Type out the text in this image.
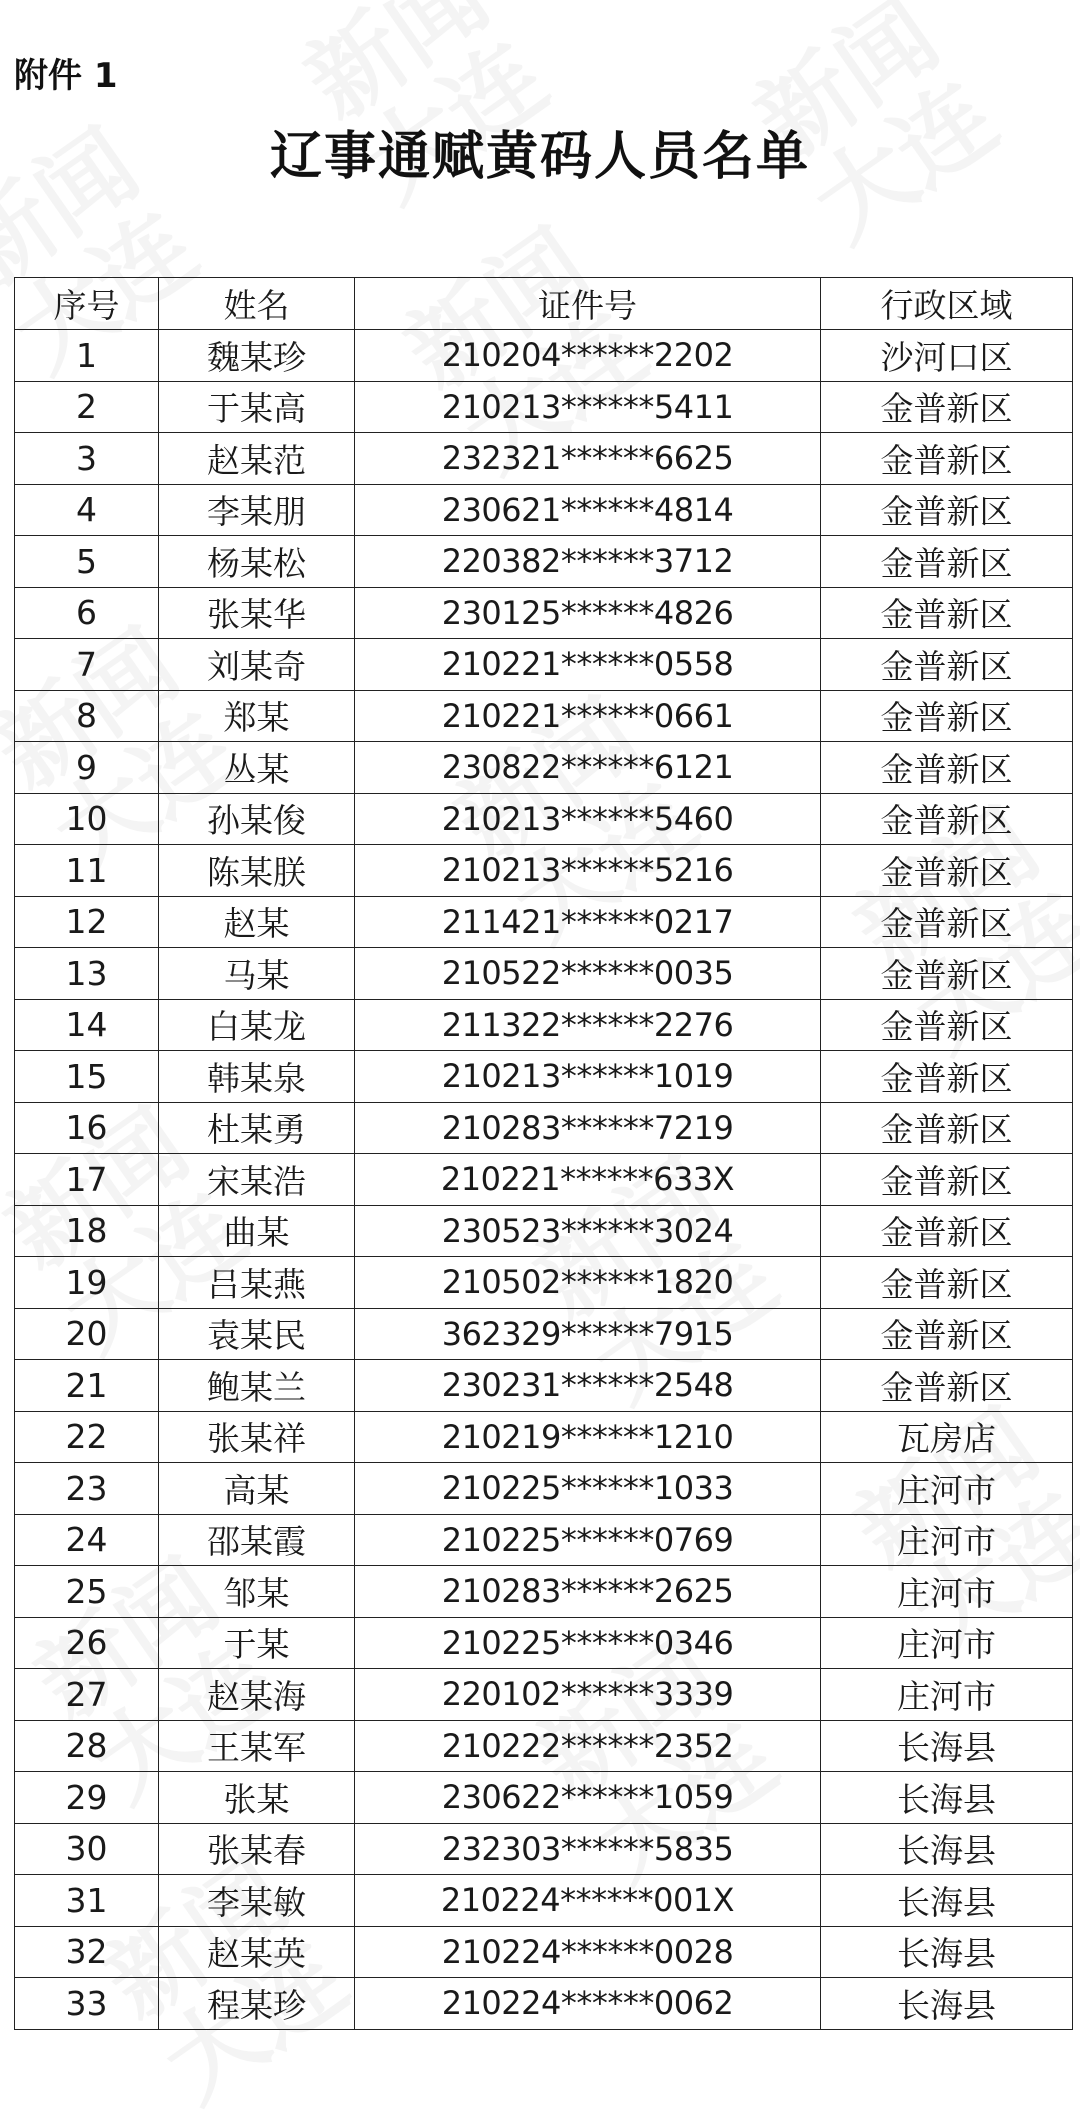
附件 1
辽事通赋黄码人员名单
序号	姓名	证件号	行政区域
1	魏某珍	210204******2202	沙河口区
2	于某高	210213******5411	金普新区
3	赵某范	232321******6625	金普新区
4	李某朋	230621******4814	金普新区
5	杨某松	220382******3712	金普新区
6	张某华	230125******4826	金普新区
7	刘某奇	210221******0558	金普新区
8	郑某	210221******0661	金普新区
9	丛某	230822******6121	金普新区
10	孙某俊	210213******5460	金普新区
11	陈某朕	210213******5216	金普新区
12	赵某	211421******0217	金普新区
13	马某	210522******0035	金普新区
14	白某龙	211322******2276	金普新区
15	韩某泉	210213******1019	金普新区
16	杜某勇	210283******7219	金普新区
17	宋某浩	210221******633X	金普新区
18	曲某	230523******3024	金普新区
19	吕某燕	210502******1820	金普新区
20	袁某民	362329******7915	金普新区
21	鲍某兰	230231******2548	金普新区
22	张某祥	210219******1210	瓦房店
23	高某	210225******1033	庄河市
24	邵某霞	210225******0769	庄河市
25	邹某	210283******2625	庄河市
26	于某	210225******0346	庄河市
27	赵某海	220102******3339	庄河市
28	王某军	210222******2352	长海县
29	张某	230622******1059	长海县
30	张某春	232303******5835	长海县
31	李某敏	210224******001X	长海县
32	赵某英	210224******0028	长海县
33	程某珍	210224******0062	长海县
